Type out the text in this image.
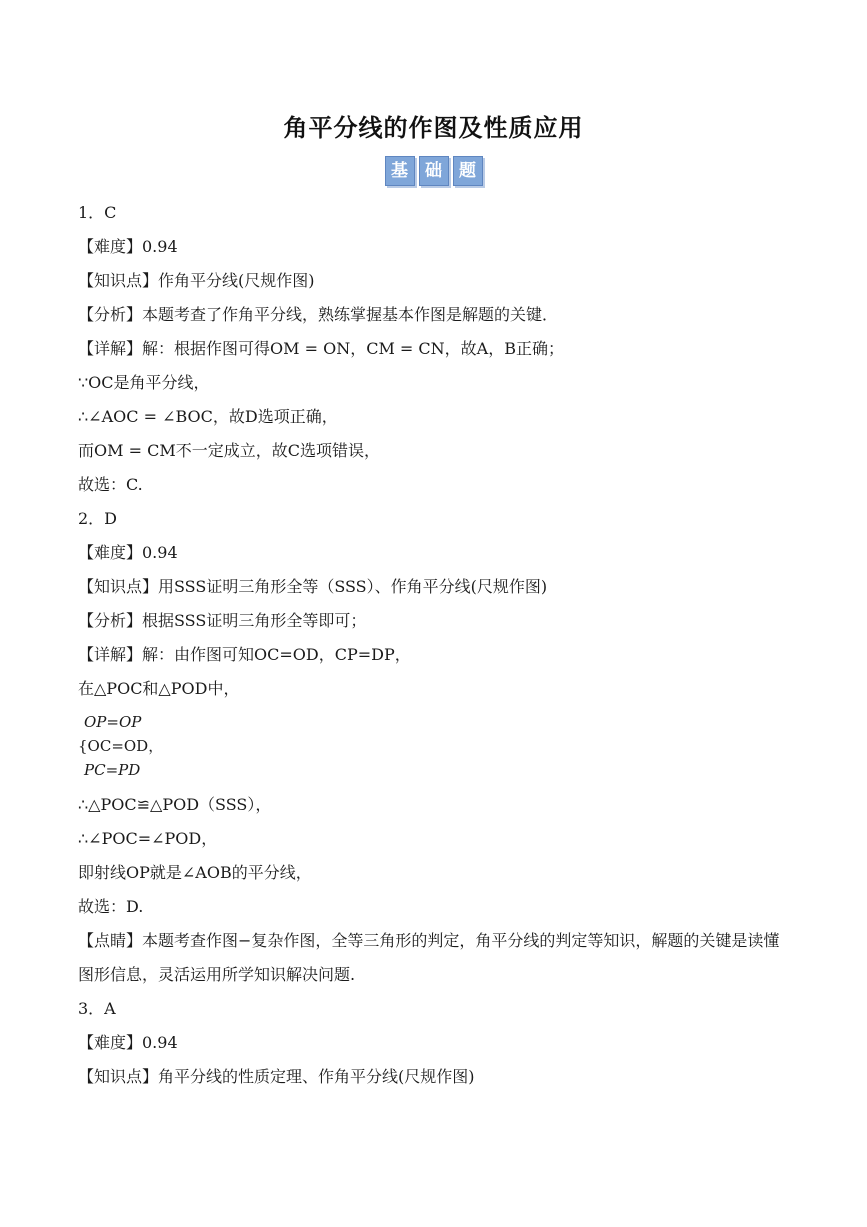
角平分线的作图及性质应用
基	础	题
1．C
【难度】0.94
【知识点】作角平分线(尺规作图)
【分析】本题考查了作角平分线，熟练掌握基本作图是解题的关键．
【详解】解：根据作图可得OM = ON，CM = CN，故A，B正确；
∵OC是角平分线，
∴∠AOC = ∠BOC，故D选项正确，
而OM = CM不一定成立，故C选项错误，
故选：C.
2．D
【难度】0.94
【知识点】用SSS证明三角形全等（SSS）、作角平分线(尺规作图)
【分析】根据SSS证明三角形全等即可；
【详解】解：由作图可知OC=OD，CP=DP，
在△POC和△POD中，
OP=OP
{OC=OD，
PC=PD
∴△POC≌△POD（SSS），
∴∠POC=∠POD，
即射线OP就是∠AOB的平分线，
故选：D.
【点睛】本题考查作图−复杂作图，全等三角形的判定，角平分线的判定等知识，解题的关键是读懂图形信息，灵活运用所学知识解决问题.
3．A
【难度】0.94
【知识点】角平分线的性质定理、作角平分线(尺规作图)
